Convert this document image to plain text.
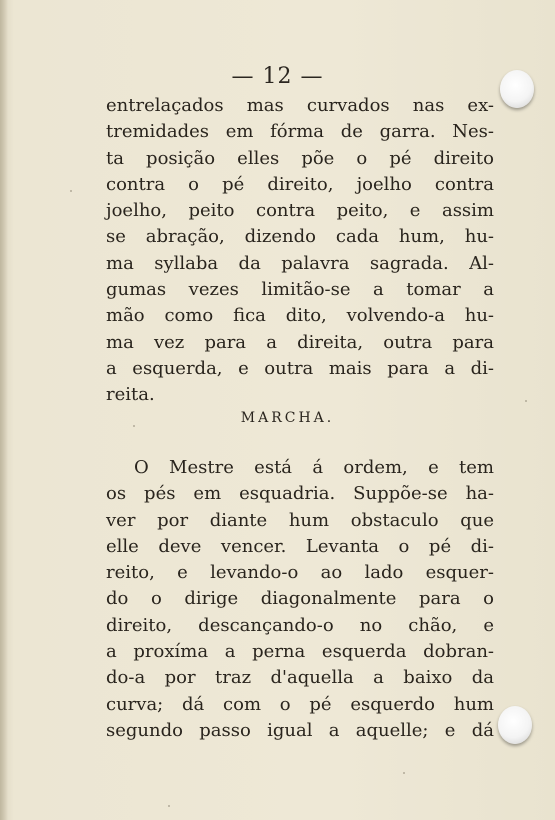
— 12 —
entrelaçados mas curvados nas ex-
tremidades em fórma de garra. Nes-
ta posição elles põe o pé direito
contra o pé direito, joelho contra
joelho, peito contra peito, e assim
se abração, dizendo cada hum, hu-
ma syllaba da palavra sagrada. Al-
gumas vezes limitão-se a tomar a
mão como fica dito, volvendo-a hu-
ma vez para a direita, outra para
a esquerda, e outra mais para a di-
reita.
MARCHA.
O Mestre está á ordem, e tem
os pés em esquadria. Suppõe-se ha-
ver por diante hum obstaculo que
elle deve vencer. Levanta o pé di-
reito, e levando-o ao lado esquer-
do o dirige diagonalmente para o
direito, descançando-o no chão, e
a proxíma a perna esquerda dobran-
do-a por traz d'aquella a baixo da
curva; dá com o pé esquerdo hum
segundo passo igual a aquelle; e dá
